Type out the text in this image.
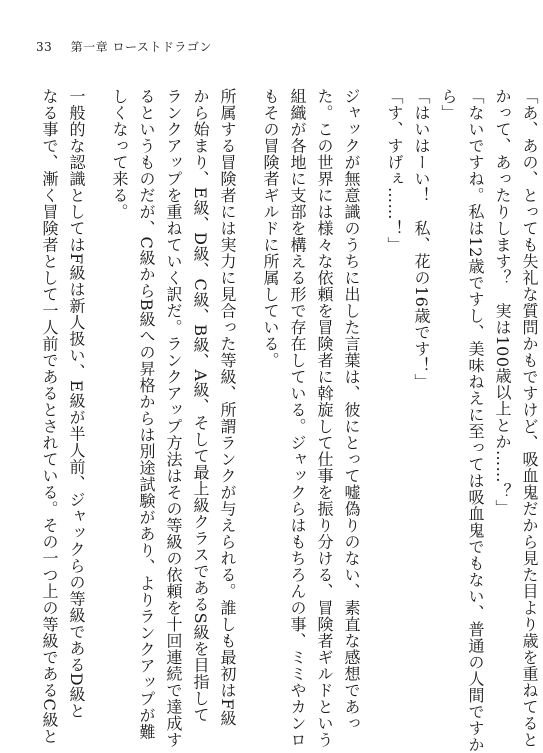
33 第一章 ローストドラゴン
「あ、あの、とっても失礼な質問かもですけど、吸血鬼だから見た目より歳を重ねてると
かって、あったりします？　実は100歳以上とか……？」
「ないですね。私は12歳ですし、美味ねえに至っては吸血鬼でもない、普通の人間ですか
ら」
「はいはーい！　私、花の16歳です！」
「す、すげぇ……！」
ジャックが無意識のうちに出した言葉は、彼にとって嘘偽りのない、素直な感想であっ
た。この世界には様々な依頼を冒険者に斡旋して仕事を振り分ける、冒険者ギルドという
組織が各地に支部を構える形で存在している。ジャックらはもちろんの事、ミミやカンロ
もその冒険者ギルドに所属している。
所属する冒険者には実力に見合った等級、所謂ランクが与えられる。誰しも最初はF級
から始まり、E級、D級、C級、B級、A級、そして最上級クラスであるS級を目指して
ランクアップを重ねていく訳だ。ランクアップ方法はその等級の依頼を十回連続で達成す
るというものだが、C級からB級への昇格からは別途試験があり、よりランクアップが難
しくなって来る。
一般的な認識としてはF級は新人扱い、E級が半人前、ジャックらの等級であるD級と
なる事で、漸く冒険者として一人前であるとされている。その一つ上の等級であるC級と
